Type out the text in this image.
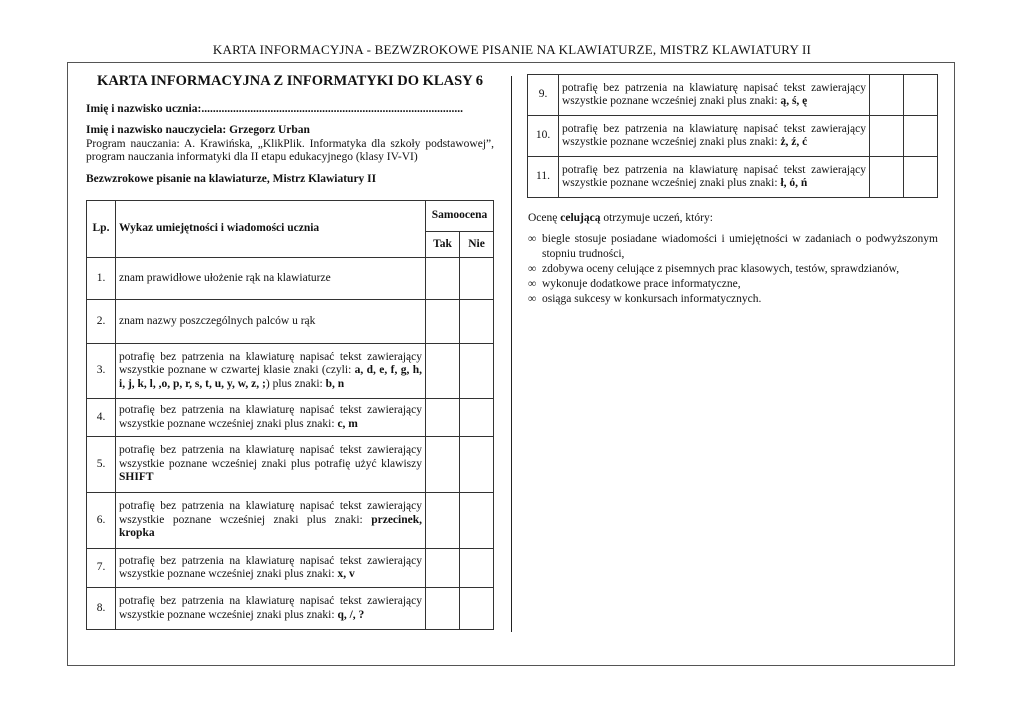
KARTA INFORMACYJNA - BEZWZROKOWE PISANIE NA KLAWIATURZE, MISTRZ KLAWIATURY II

KARTA INFORMACYJNA Z INFORMATYKI DO KLASY 6

Imię i nazwisko ucznia:...........................................................................................

Imię i nazwisko nauczyciela: Grzegorz Urban

Program nauczania: A. Krawińska, „KlikPlik. Informatyka dla szkoły podstawowej”, program nauczania informatyki dla II etapu edukacyjnego (klasy IV-VI)

Bezwzrokowe pisanie na klawiaturze, Mistrz Klawiatury II

Lp.	Wykaz umiejętności i wiadomości ucznia	Samoocena	
		Tak	Nie
1.	znam prawidłowe ułożenie rąk na klawiaturze		
2.	znam nazwy poszczególnych palców u rąk		
3.	potrafię bez patrzenia na klawiaturę napisać tekst zawierający wszystkie poznane w czwartej klasie znaki (czyli: a, d, e, f, g, h, i, j, k, l, ,o, p, r, s, t, u, y, w, z, ;) plus znaki: b, n		
4.	potrafię bez patrzenia na klawiaturę napisać tekst zawierający wszystkie poznane wcześniej znaki plus znaki: c, m		
5.	potrafię bez patrzenia na klawiaturę napisać tekst zawierający wszystkie poznane wcześniej znaki plus potrafię użyć klawiszy SHIFT		
6.	potrafię bez patrzenia na klawiaturę napisać tekst zawierający wszystkie poznane wcześniej znaki plus znaki: przecinek, kropka		
7.	potrafię bez patrzenia na klawiaturę napisać tekst zawierający wszystkie poznane wcześniej znaki plus znaki: x, v		
8.	potrafię bez patrzenia na klawiaturę napisać tekst zawierający wszystkie poznane wcześniej znaki plus znaki: q, /, ?		
9.	potrafię bez patrzenia na klawiaturę napisać tekst zawierający wszystkie poznane wcześniej znaki plus znaki: ą, ś, ę		
10.	potrafię bez patrzenia na klawiaturę napisać tekst zawierający wszystkie poznane wcześniej znaki plus znaki: ż, ź, ć		
11.	potrafię bez patrzenia na klawiaturę napisać tekst zawierający wszystkie poznane wcześniej znaki plus znaki: ł, ó, ń		
Ocenę celującą otrzymuje uczeń, który:
∞ biegle stosuje posiadane wiadomości i umiejętności w zadaniach o podwyższonym stopniu trudności,
∞ zdobywa oceny celujące z pisemnych prac klasowych, testów, sprawdzianów,
∞ wykonuje dodatkowe prace informatyczne,
∞ osiąga sukcesy w konkursach informatycznych.
